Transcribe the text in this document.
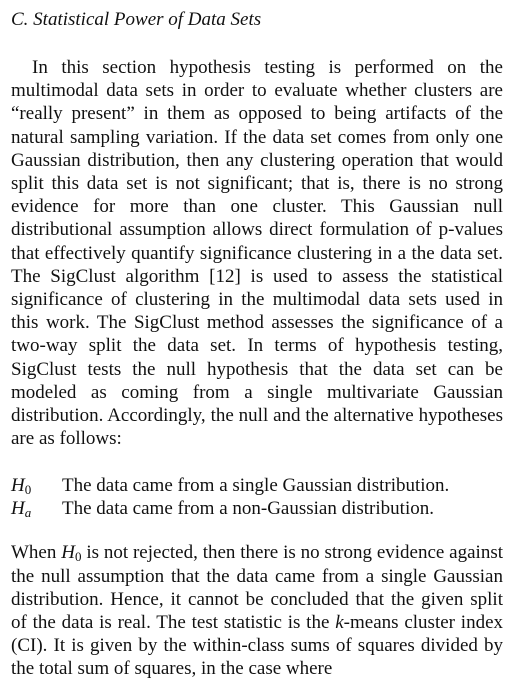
C. Statistical Power of Data Sets

In this section hypothesis testing is performed on the multimodal data sets in order to evaluate whether clusters are “really present” in them as opposed to being artifacts of the natural sampling variation. If the data set comes from only one Gaussian distribution, then any clustering operation that would split this data set is not significant; that is, there is no strong evidence for more than one cluster. This Gaussian null distributional assumption allows direct formulation of p-values that effectively quantify significance clustering in a the data set. The SigClust algorithm [12] is used to assess the statistical significance of clustering in the multimodal data sets used in this work. The SigClust method assesses the significance of a two-way split the data set. In terms of hypothesis testing, SigClust tests the null hypothesis that the data set can be modeled as coming from a single multivariate Gaussian distribution. Accordingly, the null and the alternative hypotheses are as follows:

$H_0$	The data came from a single Gaussian distribution.
$H_a$	The data came from a non-Gaussian distribution.

When H0 is not rejected, then there is no strong evidence against the null assumption that the data came from a single Gaussian distribution. Hence, it cannot be concluded that the given split of the data is real. The test statistic is the k-means cluster index (CI). It is given by the within-class sums of squares divided by the total sum of squares, in the case where
